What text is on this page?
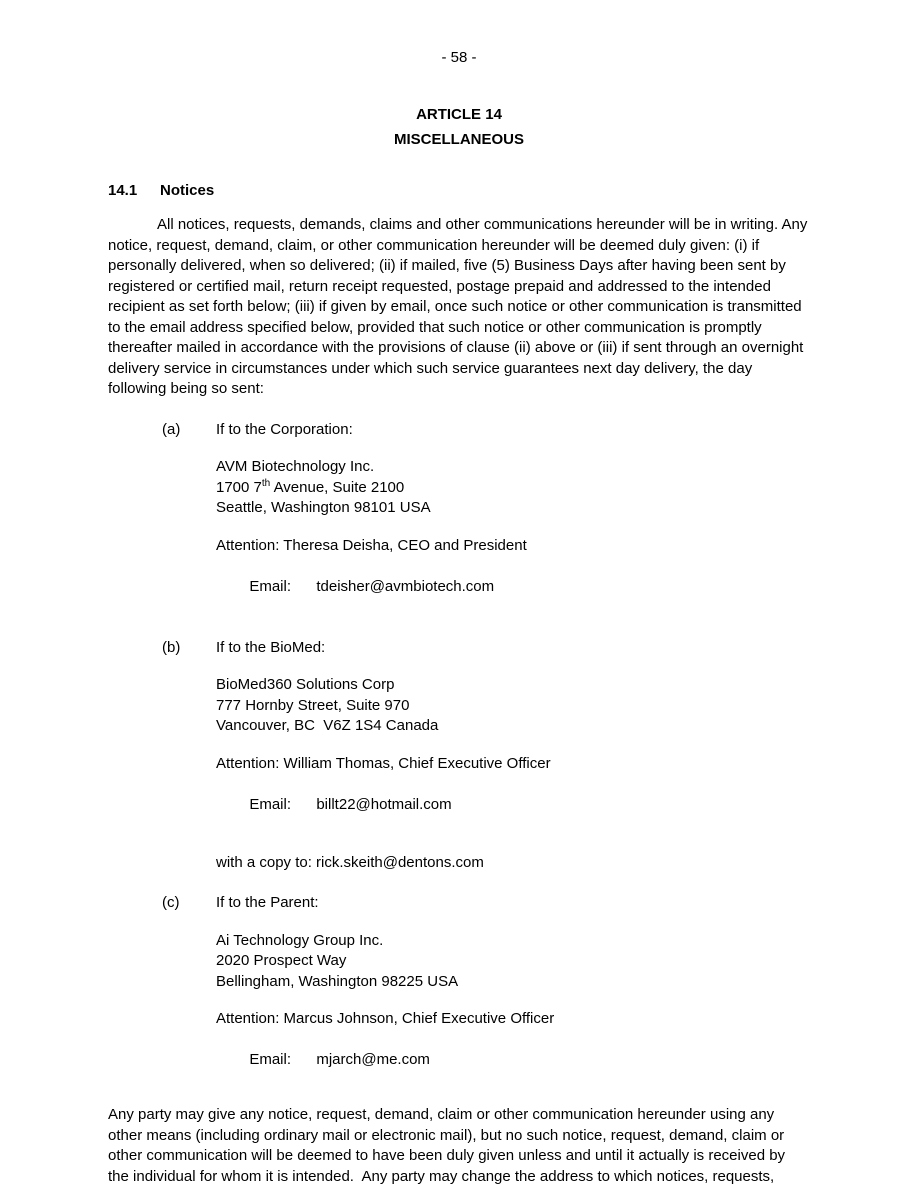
- 58 -
ARTICLE 14
MISCELLANEOUS
14.1 Notices

All notices, requests, demands, claims and other communications hereunder will be in writing. Any notice, request, demand, claim, or other communication hereunder will be deemed duly given: (i) if personally delivered, when so delivered; (ii) if mailed, five (5) Business Days after having been sent by registered or certified mail, return receipt requested, postage prepaid and addressed to the intended recipient as set forth below; (iii) if given by email, once such notice or other communication is transmitted to the email address specified below, provided that such notice or other communication is promptly thereafter mailed in accordance with the provisions of clause (ii) above or (iii) if sent through an overnight delivery service in circumstances under which such service guarantees next day delivery, the day following being so sent:

(a) If to the Corporation:
AVM Biotechnology Inc.
1700 7th Avenue, Suite 2100
Seattle, Washington 98101 USA
Attention: Theresa Deisha, CEO and President

Email: tdeisher@avmbiotech.com

(b) If to the BioMed:
BioMed360 Solutions Corp
777 Hornby Street, Suite 970
Vancouver, BC  V6Z 1S4 Canada
Attention: William Thomas, Chief Executive Officer

Email: billt22@hotmail.com

with a copy to: rick.skeith@dentons.com
(c) If to the Parent:
Ai Technology Group Inc.
2020 Prospect Way
Bellingham, Washington 98225 USA
Attention: Marcus Johnson, Chief Executive Officer

Email: mjarch@me.com

Any party may give any notice, request, demand, claim or other communication hereunder using any other means (including ordinary mail or electronic mail), but no such notice, request, demand, claim or other communication will be deemed to have been duly given unless and until it actually is received by the individual for whom it is intended.  Any party may change the address to which notices, requests,
